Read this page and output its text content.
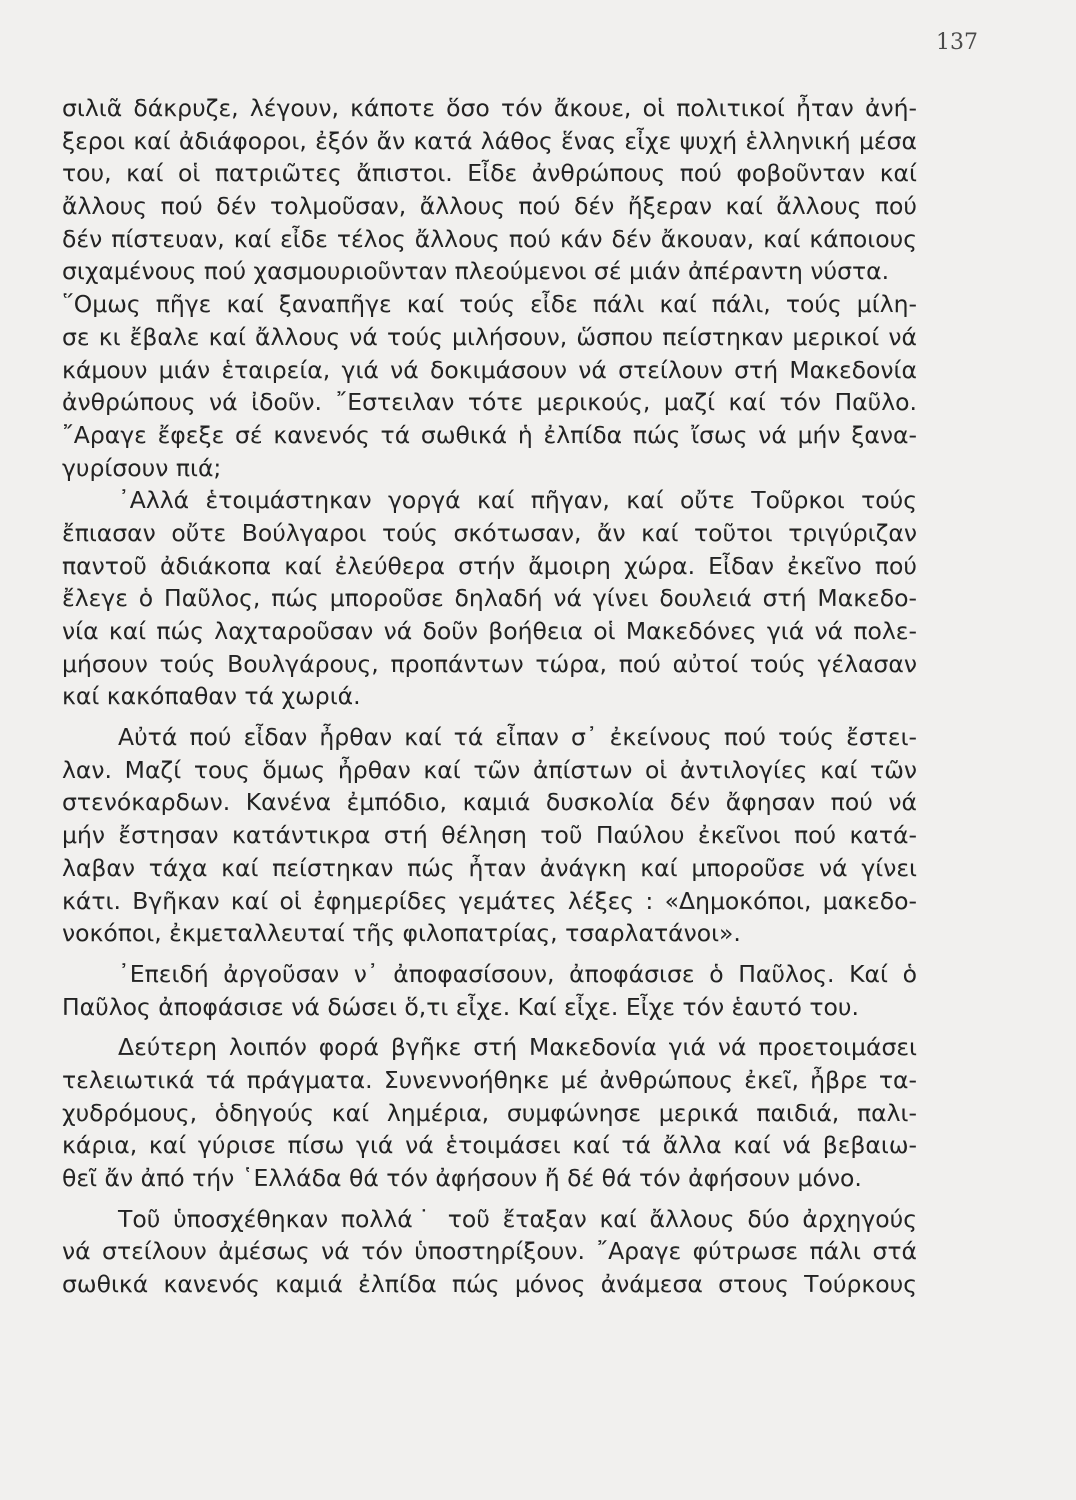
137
σιλιᾶ δάκρυζε, λέγουν, κάποτε ὅσο τόν ἄκουε, οἱ πολιτικοί ἦταν ἀνή-
ξεροι καί ἀδιάφοροι, ἐξόν ἄν κατά λάθος ἕνας εἶχε ψυχή ἑλληνική μέσα
του, καί οἱ πατριῶτες ἄπιστοι. Εἶδε ἀνθρώπους πού φοβοῦνταν καί
ἄλλους πού δέν τολμοῦσαν, ἄλλους πού δέν ἤξεραν καί ἄλλους πού
δέν πίστευαν, καί εἶδε τέλος ἄλλους πού κάν δέν ἄκουαν, καί κάποιους
σιχαμένους πού χασμουριοῦνταν πλεούμενοι σέ μιάν ἀπέραντη νύστα.
῞Ομως πῆγε καί ξαναπῆγε καί τούς εἶδε πάλι καί πάλι, τούς μίλη-
σε κι ἔβαλε καί ἄλλους νά τούς μιλήσουν, ὥσπου πείστηκαν μερικοί νά
κάμουν μιάν ἑταιρεία, γιά νά δοκιμάσουν νά στείλουν στή Μακεδονία
ἀνθρώπους νά ἰδοῦν. ῎Εστειλαν τότε μερικούς, μαζί καί τόν Παῦλο.
῎Αραγε ἔφεξε σέ κανενός τά σωθικά ἡ ἐλπίδα πώς ἴσως νά μήν ξανα-
γυρίσουν πιά;
᾿Αλλά ἑτοιμάστηκαν γοργά καί πῆγαν, καί οὔτε Τοῦρκοι τούς
ἔπιασαν οὔτε Βούλγαροι τούς σκότωσαν, ἄν καί τοῦτοι τριγύριζαν
παντοῦ ἀδιάκοπα καί ἐλεύθερα στήν ἄμοιρη χώρα. Εἶδαν ἐκεῖνο πού
ἔλεγε ὁ Παῦλος, πώς μποροῦσε δηλαδή νά γίνει δουλειά στή Μακεδο-
νία καί πώς λαχταροῦσαν νά δοῦν βοήθεια οἱ Μακεδόνες γιά νά πολε-
μήσουν τούς Βουλγάρους, προπάντων τώρα, πού αὐτοί τούς γέλασαν
καί κακόπαθαν τά χωριά.
Αὐτά πού εἶδαν ἦρθαν καί τά εἶπαν σ᾿ ἐκείνους πού τούς ἔστει-
λαν. Μαζί τους ὅμως ἦρθαν καί τῶν ἀπίστων οἱ ἀντιλογίες καί τῶν
στενόκαρδων. Κανένα ἐμπόδιο, καμιά δυσκολία δέν ἄφησαν πού νά
μήν ἔστησαν κατάντικρα στή θέληση τοῦ Παύλου ἐκεῖνοι πού κατά-
λαβαν τάχα καί πείστηκαν πώς ἦταν ἀνάγκη καί μποροῦσε νά γίνει
κάτι. Βγῆκαν καί οἱ ἐφημερίδες γεμάτες λέξες : «Δημοκόποι, μακεδο-
νοκόποι, ἐκμεταλλευταί τῆς φιλοπατρίας, τσαρλατάνοι».
᾿Επειδή ἀργοῦσαν ν᾿ ἀποφασίσουν, ἀποφάσισε ὁ Παῦλος. Καί ὁ
Παῦλος ἀποφάσισε νά δώσει ὅ,τι εἶχε. Καί εἶχε. Εἶχε τόν ἑαυτό του.
Δεύτερη λοιπόν φορά βγῆκε στή Μακεδονία γιά νά προετοιμάσει
τελειωτικά τά πράγματα. Συνεννοήθηκε μέ ἀνθρώπους ἐκεῖ, ἦβρε τα-
χυδρόμους, ὁδηγούς καί λημέρια, συμφώνησε μερικά παιδιά, παλι-
κάρια, καί γύρισε πίσω γιά νά ἑτοιμάσει καί τά ἄλλα καί νά βεβαιω-
θεῖ ἄν ἀπό τήν ῾Ελλάδα θά τόν ἀφήσουν ἤ δέ θά τόν ἀφήσουν μόνο.
Τοῦ ὑποσχέθηκαν πολλά˙ τοῦ ἔταξαν καί ἄλλους δύο ἀρχηγούς
νά στείλουν ἀμέσως νά τόν ὑποστηρίξουν. ῎Αραγε φύτρωσε πάλι στά
σωθικά κανενός καμιά ἐλπίδα πώς μόνος ἀνάμεσα στους Τούρκους
